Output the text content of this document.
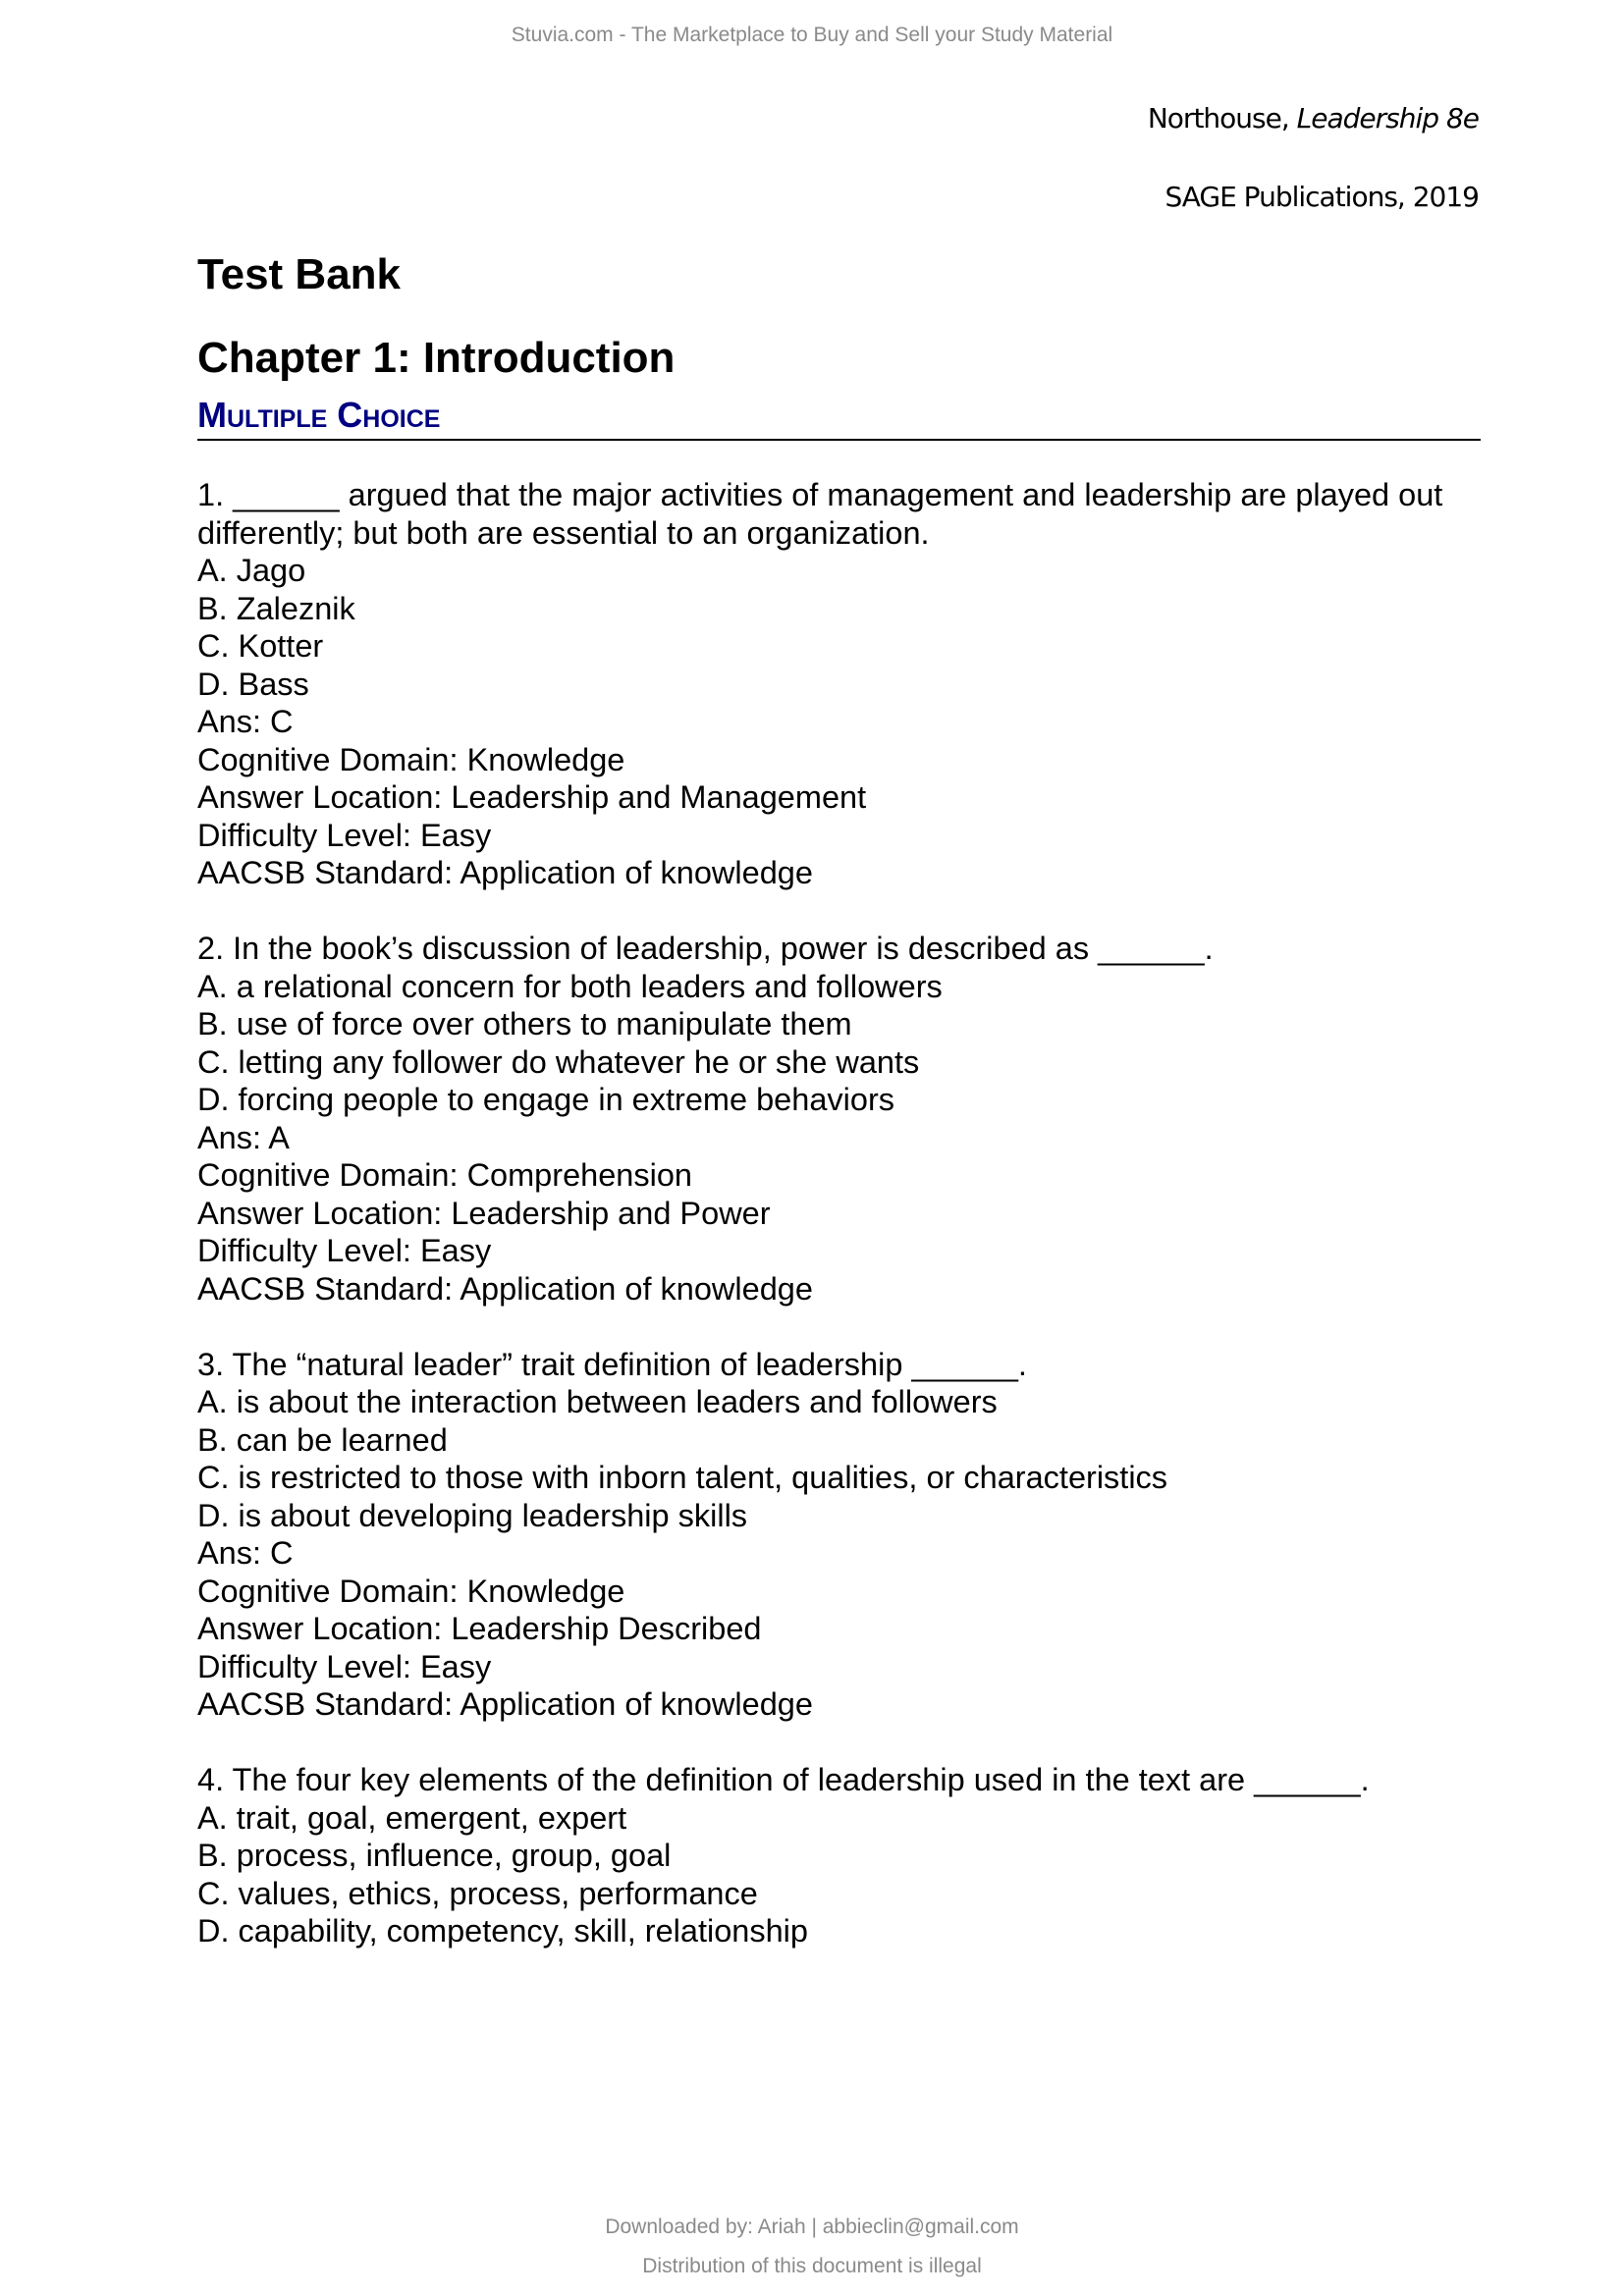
Stuvia.com - The Marketplace to Buy and Sell your Study Material
Northouse, Leadership 8e
SAGE Publications, 2019
Test Bank
Chapter 1: Introduction
Multiple Choice
1. ______ argued that the major activities of management and leadership are played out differently; but both are essential to an organization.
A. Jago
B. Zaleznik
C. Kotter
D. Bass
Ans: C
Cognitive Domain: Knowledge
Answer Location: Leadership and Management
Difficulty Level: Easy
AACSB Standard: Application of knowledge
2. In the book’s discussion of leadership, power is described as ______.
A. a relational concern for both leaders and followers
B. use of force over others to manipulate them
C. letting any follower do whatever he or she wants
D. forcing people to engage in extreme behaviors
Ans: A
Cognitive Domain: Comprehension
Answer Location: Leadership and Power
Difficulty Level: Easy
AACSB Standard: Application of knowledge
3. The “natural leader” trait definition of leadership ______.
A. is about the interaction between leaders and followers
B. can be learned
C. is restricted to those with inborn talent, qualities, or characteristics
D. is about developing leadership skills
Ans: C
Cognitive Domain: Knowledge
Answer Location: Leadership Described
Difficulty Level: Easy
AACSB Standard: Application of knowledge
4. The four key elements of the definition of leadership used in the text are ______.
A. trait, goal, emergent, expert
B. process, influence, group, goal
C. values, ethics, process, performance
D. capability, competency, skill, relationship
Downloaded by: Ariah | abbieclin@gmail.com
Distribution of this document is illegal
